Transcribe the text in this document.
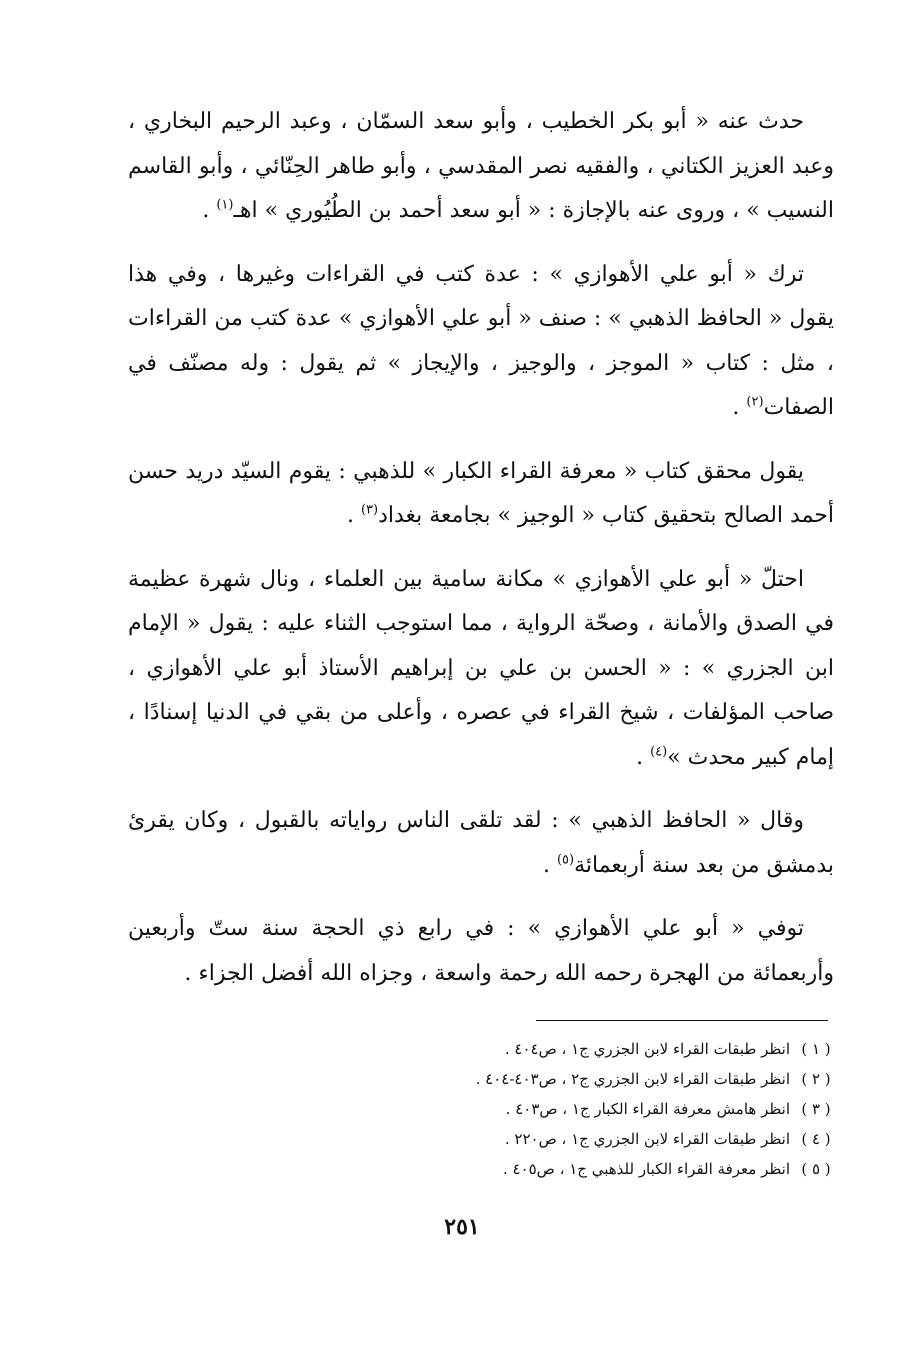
حدث عنه « أبو بكر الخطيب ، وأبو سعد السمّان ، وعبد الرحيم البخاري ، وعبد العزيز الكتاني ، والفقيه نصر المقدسي ، وأبو طاهر الحِنّائي ، وأبو القاسم النسيب » ، وروى عنه بالإجازة : « أبو سعد أحمد بن الطُيُوري » اهـ$^{(١)}$ .

ترك « أبو علي الأهوازي » : عدة كتب في القراءات وغيرها ، وفي هذا يقول « الحافظ الذهبي » : صنف « أبو علي الأهوازي » عدة كتب من القراءات ، مثل : كتاب « الموجز ، والوجيز ، والإيجاز » ثم يقول : وله مصنّف في الصفات$^{(٢)}$ .

يقول محقق كتاب « معرفة القراء الكبار » للذهبي : يقوم السيّد دريد حسن أحمد الصالح بتحقيق كتاب « الوجيز » بجامعة بغداد$^{(٣)}$ .

احتلّ « أبو علي الأهوازي » مكانة سامية بين العلماء ، ونال شهرة عظيمة في الصدق والأمانة ، وصحّة الرواية ، مما استوجب الثناء عليه : يقول « الإمام ابن الجزري » : « الحسن بن علي بن إبراهيم الأستاذ أبو علي الأهوازي ، صاحب المؤلفات ، شيخ القراء في عصره ، وأعلى من بقي في الدنيا إسنادًا ، إمام كبير محدث »$^{(٤)}$ .

وقال « الحافظ الذهبي » : لقد تلقى الناس رواياته بالقبول ، وكان يقرئ بدمشق من بعد سنة أربعمائة$^{(٥)}$ .

توفي « أبو علي الأهوازي » : في رابع ذي الحجة سنة ستّ وأربعين وأربعمائة من الهجرة رحمه الله رحمة واسعة ، وجزاه الله أفضل الجزاء .

( ١ )
انظر طبقات القراء لابن الجزري ج١ ، ص٤٠٤ .
( ٢ )
انظر طبقات القراء لابن الجزري ج٢ ، ص٤٠٣-٤٠٤ .
( ٣ )
انظر هامش معرفة القراء الكبار ج١ ، ص٤٠٣ .
( ٤ )
انظر طبقات القراء لابن الجزري ج١ ، ص٢٢٠ .
( ٥ )
انظر معرفة القراء الكبار للذهبي ج١ ، ص٤٠٥ .
٢٥١
